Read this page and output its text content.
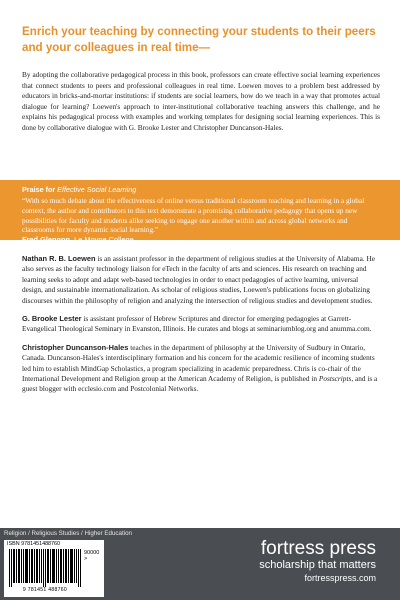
Enrich your teaching by connecting your students to their peers and your colleagues in real time—

By adopting the collaborative pedagogical process in this book, professors can create effective social learning experiences that connect students to peers and professional colleagues in real time. Loewen moves to a problem best addressed by educators in bricks-and-mortar institutions: if students are social learners, how do we teach in a way that promotes actual dialogue for learning? Loewen's approach to inter-institutional collaborative teaching answers this challenge, and he explains his pedagogical process with examples and working templates for designing social learning experiences. This is done by collaborative dialogue with G. Brooke Lester and Christopher Duncanson-Hales.

Praise for Effective Social Learning

“With so much debate about the effectiveness of online versus traditional classroom teaching and learning in a global context, the author and contributors to this text demonstrate a promising collaborative pedagogy that opens up new possibilities for faculty and students alike seeking to engage one another within and across global networks and classrooms for more dynamic social learning.”
Fred Glennon, Le Moyne College

Nathan R. B. Loewen is an assistant professor in the department of religious studies at the University of Alabama. He also serves as the faculty technology liaison for eTech in the faculty of arts and sciences. His research on teaching and learning seeks to adopt and adapt web-based technologies in order to enact pedagogies of active learning, universal design, and sustainable internationalization. As scholar of religious studies, Loewen's publications focus on globalizing discourses within the philosophy of religion and analyzing the intersection of religious studies and development studies.

G. Brooke Lester is assistant professor of Hebrew Scriptures and director for emerging pedagogies at Garrett-Evangelical Theological Seminary in Evanston, Illinois. He curates and blogs at seminariumblog.org and anumma.com.

Christopher Duncanson-Hales teaches in the department of philosophy at the University of Sudbury in Ontario, Canada. Duncanson-Hales's interdisciplinary formation and his concern for the academic resilience of incoming students led him to establish MindGap Scholastics, a program specializing in academic preparedness. Chris is co-chair of the International Development and Religion group at the American Academy of Religion, is published in Postscripts, and is a guest blogger with ecclesio.com and Postcolonial Networks.

Religion / Religious Studies / Higher Education
ISBN 9781451488760
90000 >
9 781451 488760
fortress press
scholarship that matters
fortresspress.com
